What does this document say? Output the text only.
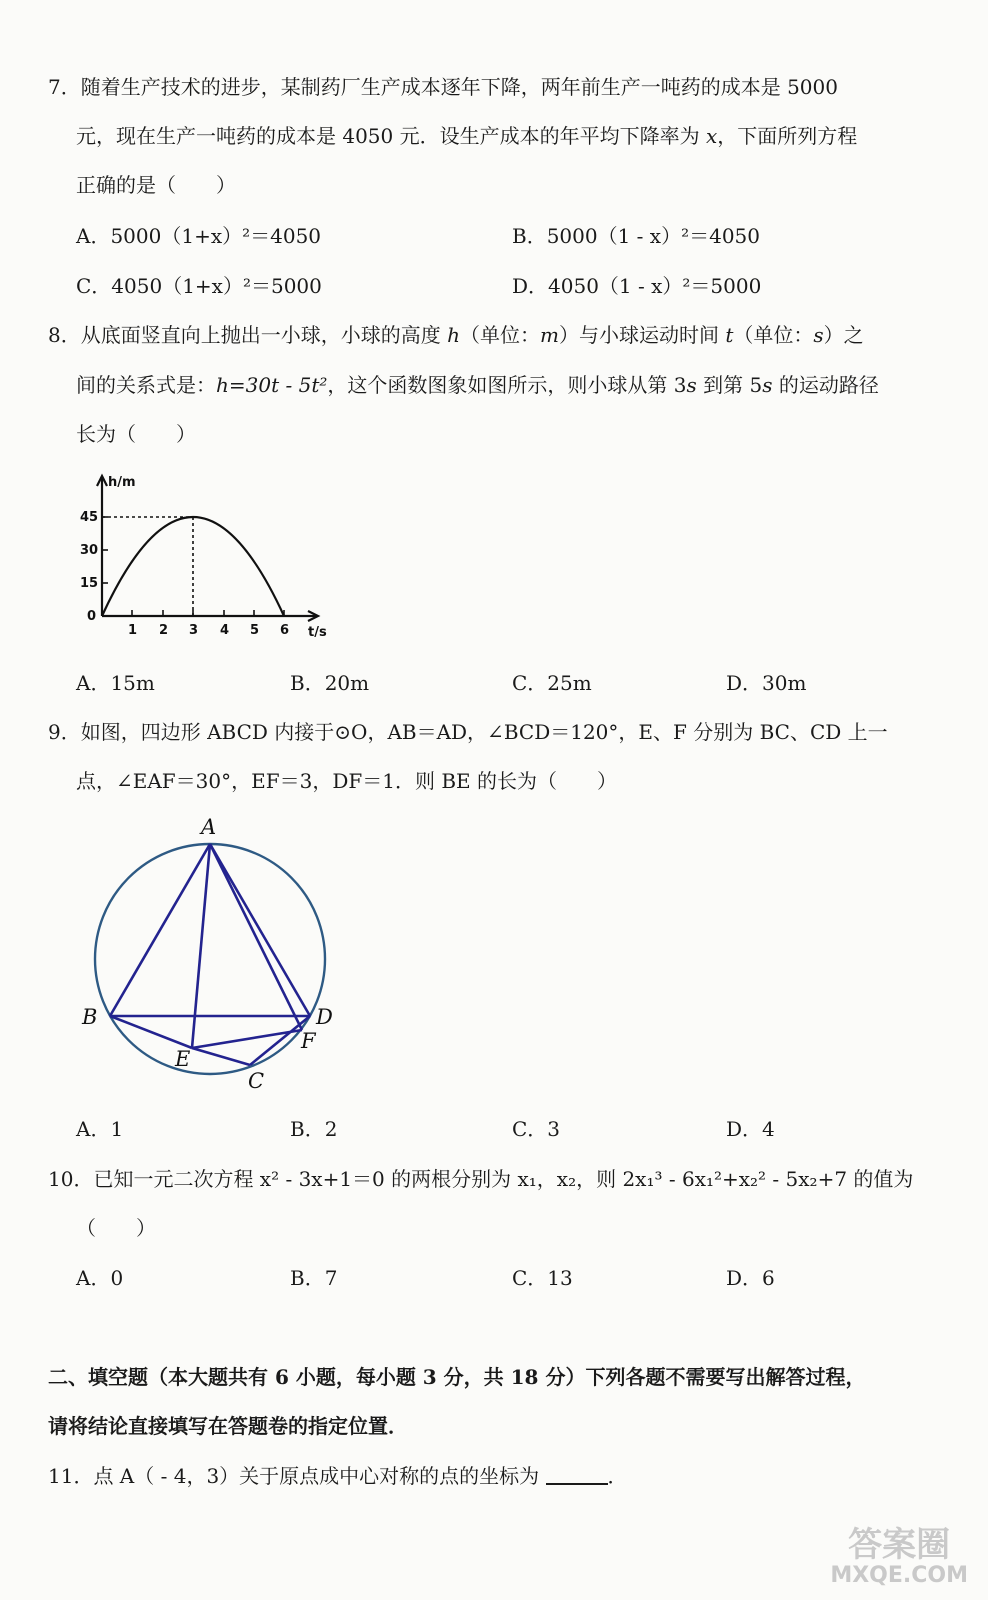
7．随着生产技术的进步，某制药厂生产成本逐年下降，两年前生产一吨药的成本是 5000
元，现在生产一吨药的成本是 4050 元．设生产成本的年平均下降率为 x，下面所列方程
正确的是（　　）
A．5000（1+x）²＝4050	B．5000（1 - x）²＝4050
C．4050（1+x）²＝5000	D．4050（1 - x）²＝5000
8．从底面竖直向上抛出一小球，小球的高度 h（单位：m）与小球运动时间 t（单位：s）之
间的关系式是：h=30t - 5t²，这个函数图象如图所示，则小球从第 3s 到第 5s 的运动路径
长为（　　）
h/m
t/s
45
30
15
0
1 2 3 4 5 6
A．15m	B．20m	C．25m	D．30m
9．如图，四边形 ABCD 内接于⊙O，AB＝AD，∠BCD＝120°，E、F 分别为 BC、CD 上一
点，∠EAF＝30°，EF＝3，DF＝1．则 BE 的长为（　　）
A
B
C
D
E
F
A．1	B．2	C．3	D．4
10．已知一元二次方程 x² - 3x+1＝0 的两根分别为 x₁，x₂，则 2x₁³ - 6x₁²+x₂² - 5x₂+7 的值为
（　　）
A．0	B．7	C．13	D．6
二、填空题（本大题共有 6 小题，每小题 3 分，共 18 分）下列各题不需要写出解答过程，
请将结论直接填写在答题卷的指定位置．
11．点 A（ - 4，3）关于原点成中心对称的点的坐标为	．
答案圈
MXQE.COM
